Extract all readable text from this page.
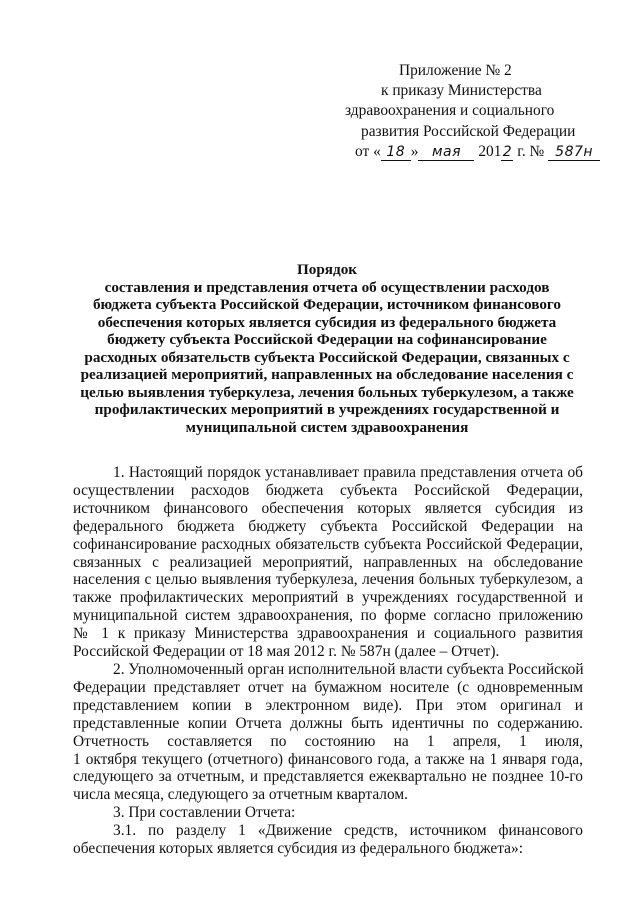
Приложение № 2
к приказу Министерства
здравоохранения и социального
развития Российской Федерации
от « 18 » мая 2012 г. № 587н
Порядок
составления и представления отчета об осуществлении расходов
бюджета субъекта Российской Федерации, источником финансового
обеспечения которых является субсидия из федерального бюджета
бюджету субъекта Российской Федерации на софинансирование
расходных обязательств субъекта Российской Федерации, связанных с
реализацией мероприятий, направленных на обследование населения с
целью выявления туберкулеза, лечения больных туберкулезом, а также
профилактических мероприятий в учреждениях государственной и
муниципальной систем здравоохранения
1. Настоящий порядок устанавливает правила представления отчета об
осуществлении расходов бюджета субъекта Российской Федерации,
источником финансового обеспечения которых является субсидия из
федерального бюджета бюджету субъекта Российской Федерации на
софинансирование расходных обязательств субъекта Российской Федерации,
связанных с реализацией мероприятий, направленных на обследование
населения с целью выявления туберкулеза, лечения больных туберкулезом, а
также профилактических мероприятий в учреждениях государственной и
муниципальной систем здравоохранения, по форме согласно приложению
№ 1 к приказу Министерства здравоохранения и социального развития
Российской Федерации от 18 мая 2012 г. № 587н (далее – Отчет).
2. Уполномоченный орган исполнительной власти субъекта Российской
Федерации представляет отчет на бумажном носителе (с одновременным
представлением копии в электронном виде). При этом оригинал и
представленные копии Отчета должны быть идентичны по содержанию.
Отчетность составляется по состоянию на 1 апреля, 1 июля,
1 октября текущего (отчетного) финансового года, а также на 1 января года,
следующего за отчетным, и представляется ежеквартально не позднее 10-го
числа месяца, следующего за отчетным кварталом.
3. При составлении Отчета:
3.1. по разделу 1 «Движение средств, источником финансового
обеспечения которых является субсидия из федерального бюджета»:
